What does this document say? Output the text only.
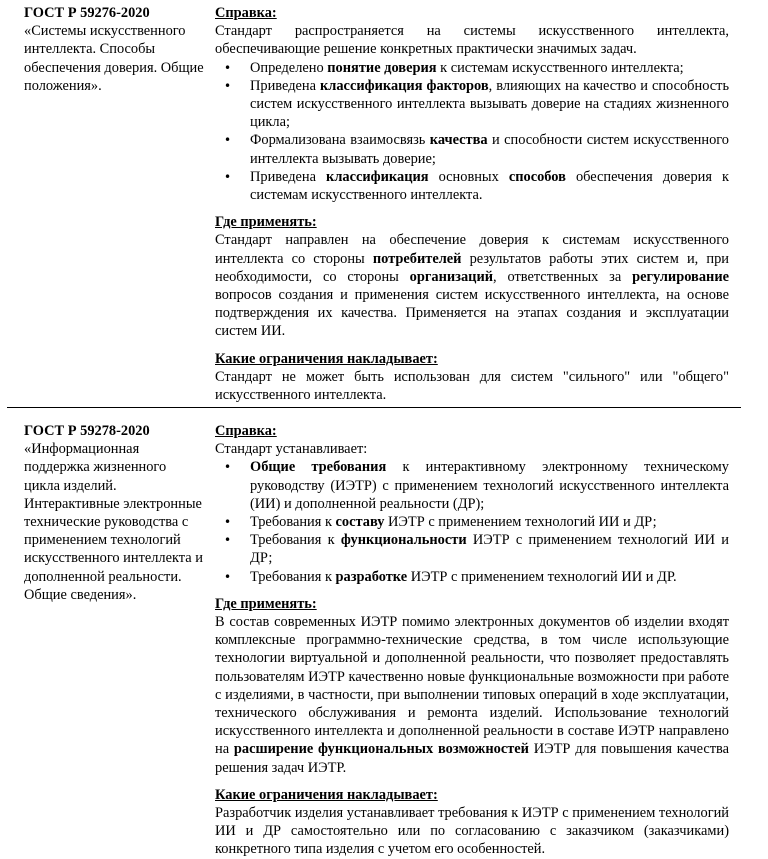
ГОСТ Р 59276-2020
«Системы искусственного интеллекта. Способы обеспечения доверия. Общие положения».
Справка:

Стандарт распространяется на системы искусственного интеллекта, обеспечивающие решение конкретных практически значимых задач.

• Определено понятие доверия к системам искусственного интеллекта;
• Приведена классификация факторов, влияющих на качество и способность систем искусственного интеллекта вызывать доверие на стадиях жизненного цикла;
• Формализована взаимосвязь качества и способности систем искусственного интеллекта вызывать доверие;
• Приведена классификация основных способов обеспечения доверия к системам искусственного интеллекта.
Где применять:

Стандарт направлен на обеспечение доверия к системам искусственного интеллекта со стороны потребителей результатов работы этих систем и, при необходимости, со стороны организаций, ответственных за регулирование вопросов создания и применения систем искусственного интеллекта, на основе подтверждения их качества. Применяется на этапах создания и эксплуатации систем ИИ.

Какие ограничения накладывает:

Стандарт не может быть использован для систем "сильного" или "общего" искусственного интеллекта.

ГОСТ Р 59278-2020
«Информационная поддержка жизненного цикла изделий. Интерактивные электронные технические руководства с применением технологий искусственного интеллекта и дополненной реальности. Общие сведения».
Справка:

Стандарт устанавливает:

• Общие требования к интерактивному электронному техническому руководству (ИЭТР) с применением технологий искусственного интеллекта (ИИ) и дополненной реальности (ДР);
• Требования к составу ИЭТР с применением технологий ИИ и ДР;
• Требования к функциональности ИЭТР с применением технологий ИИ и ДР;
• Требования к разработке ИЭТР с применением технологий ИИ и ДР.
Где применять:

В состав современных ИЭТР помимо электронных документов об изделии входят комплексные программно-технические средства, в том числе использующие технологии виртуальной и дополненной реальности, что позволяет предоставлять пользователям ИЭТР качественно новые функциональные возможности при работе с изделиями, в частности, при выполнении типовых операций в ходе эксплуатации, технического обслуживания и ремонта изделий. Использование технологий искусственного интеллекта и дополненной реальности в составе ИЭТР направлено на расширение функциональных возможностей ИЭТР для повышения качества решения задач ИЭТР.

Какие ограничения накладывает:

Разработчик изделия устанавливает требования к ИЭТР с применением технологий ИИ и ДР самостоятельно или по согласованию с заказчиком (заказчиками) конкретного типа изделия с учетом его особенностей.
